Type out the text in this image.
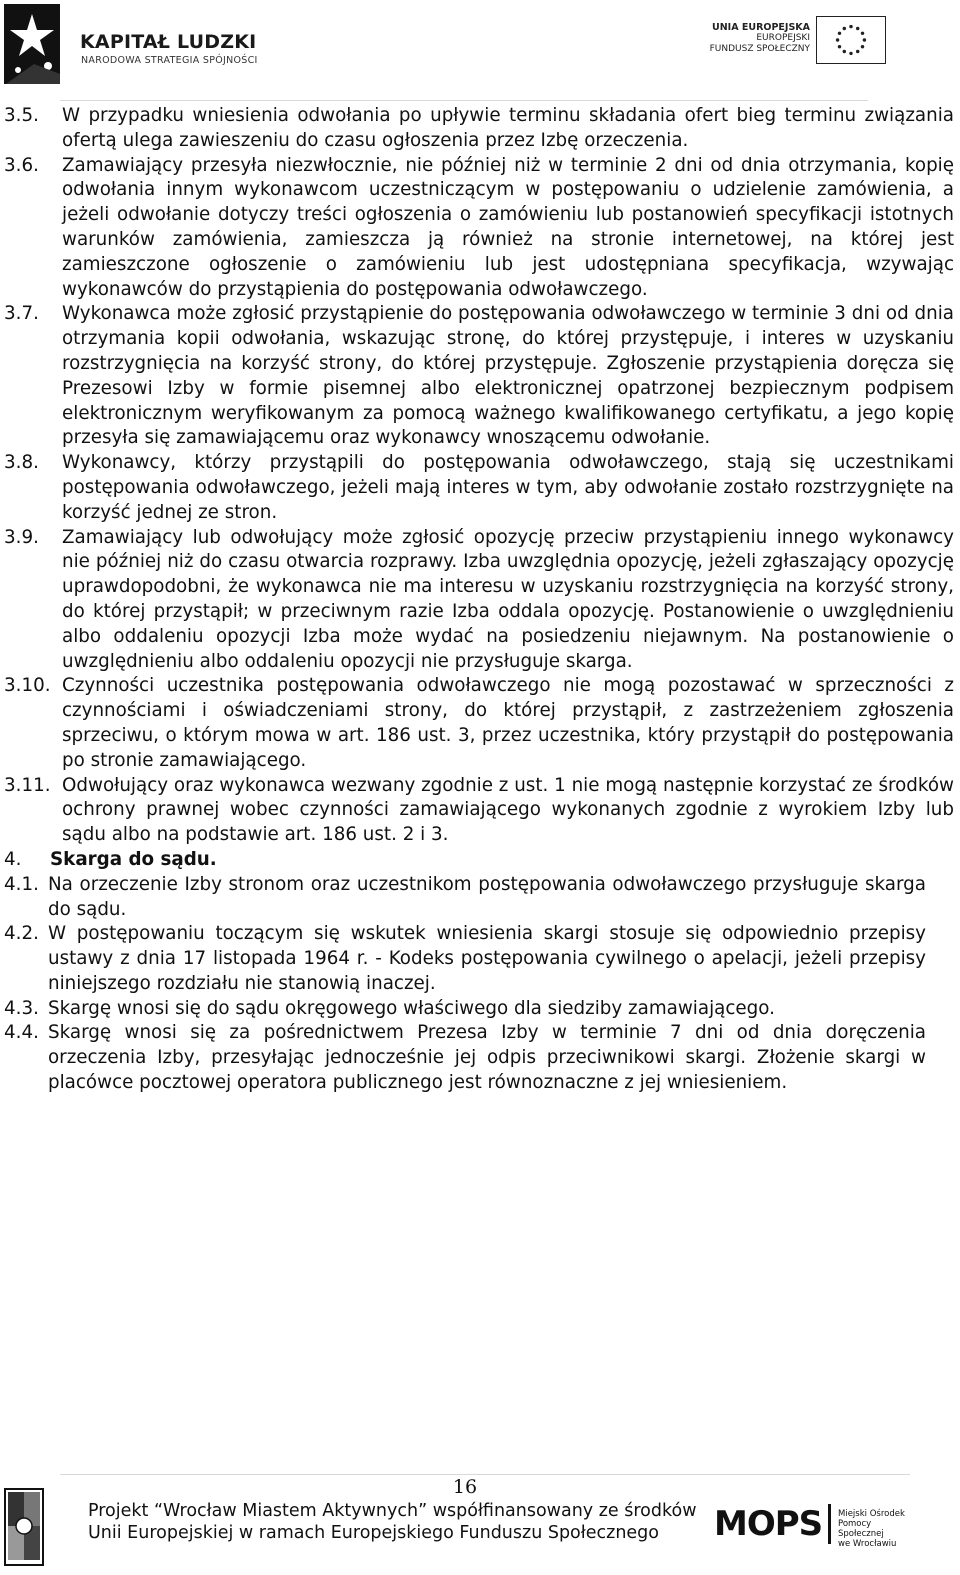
KAPITAŁ LUDZKI
NARODOWA STRATEGIA SPÓJNOŚCI
UNIA EUROPEJSKA
EUROPEJSKI
FUNDUSZ SPOŁECZNY
3.5. W przypadku wniesienia odwołania po upływie terminu składania ofert bieg terminu związania ofertą ulega zawieszeniu do czasu ogłoszenia przez Izbę orzeczenia.
3.6. Zamawiający przesyła niezwłocznie, nie później niż w terminie 2 dni od dnia otrzymania, kopię odwołania innym wykonawcom uczestniczącym w postępowaniu o udzielenie zamówienia, a jeżeli odwołanie dotyczy treści ogłoszenia o zamówieniu lub postanowień specyfikacji istotnych warunków zamówienia, zamieszcza ją również na stronie internetowej, na której jest zamieszczone ogłoszenie o zamówieniu lub jest udostępniana specyfikacja, wzywając wykonawców do przystąpienia do postępowania odwoławczego.
3.7. Wykonawca może zgłosić przystąpienie do postępowania odwoławczego w terminie 3 dni od dnia otrzymania kopii odwołania, wskazując stronę, do której przystępuje, i interes w uzyskaniu rozstrzygnięcia na korzyść strony, do której przystępuje. Zgłoszenie przystąpienia doręcza się Prezesowi Izby w formie pisemnej albo elektronicznej opatrzonej bezpiecznym podpisem elektronicznym weryfikowanym za pomocą ważnego kwalifikowanego certyfikatu, a jego kopię przesyła się zamawiającemu oraz wykonawcy wnoszącemu odwołanie.
3.8. Wykonawcy, którzy przystąpili do postępowania odwoławczego, stają się uczestnikami postępowania odwoławczego, jeżeli mają interes w tym, aby odwołanie zostało rozstrzygnięte na korzyść jednej ze stron.
3.9. Zamawiający lub odwołujący może zgłosić opozycję przeciw przystąpieniu innego wykonawcy nie później niż do czasu otwarcia rozprawy. Izba uwzględnia opozycję, jeżeli zgłaszający opozycję uprawdopodobni, że wykonawca nie ma interesu w uzyskaniu rozstrzygnięcia na korzyść strony, do której przystąpił; w przeciwnym razie Izba oddala opozycję. Postanowienie o uwzględnieniu albo oddaleniu opozycji Izba może wydać na posiedzeniu niejawnym. Na postanowienie o uwzględnieniu albo oddaleniu opozycji nie przysługuje skarga.
3.10. Czynności uczestnika postępowania odwoławczego nie mogą pozostawać w sprzeczności z czynnościami i oświadczeniami strony, do której przystąpił, z zastrzeżeniem zgłoszenia sprzeciwu, o którym mowa w art. 186 ust. 3, przez uczestnika, który przystąpił do postępowania po stronie zamawiającego.
3.11. Odwołujący oraz wykonawca wezwany zgodnie z ust. 1 nie mogą następnie korzystać ze środków ochrony prawnej wobec czynności zamawiającego wykonanych zgodnie z wyrokiem Izby lub sądu albo na podstawie art. 186 ust. 2 i 3.
4. Skarga do sądu.
4.1. Na orzeczenie Izby stronom oraz uczestnikom postępowania odwoławczego przysługuje skarga do sądu.
4.2. W postępowaniu toczącym się wskutek wniesienia skargi stosuje się odpowiednio przepisy ustawy z dnia 17 listopada 1964 r. - Kodeks postępowania cywilnego o apelacji, jeżeli przepisy niniejszego rozdziału nie stanowią inaczej.
4.3. Skargę wnosi się do sądu okręgowego właściwego dla siedziby zamawiającego.
4.4. Skargę wnosi się za pośrednictwem Prezesa Izby w terminie 7 dni od dnia doręczenia orzeczenia Izby, przesyłając jednocześnie jej odpis przeciwnikowi skargi. Złożenie skargi w placówce pocztowej operatora publicznego jest równoznaczne z jej wniesieniem.
16
Projekt “Wrocław Miastem Aktywnych” współfinansowany ze środków
Unii Europejskiej w ramach Europejskiego Funduszu Społecznego	MOPS	Miejski Ośrodek
Pomocy Społecznej
we Wrocławiu
